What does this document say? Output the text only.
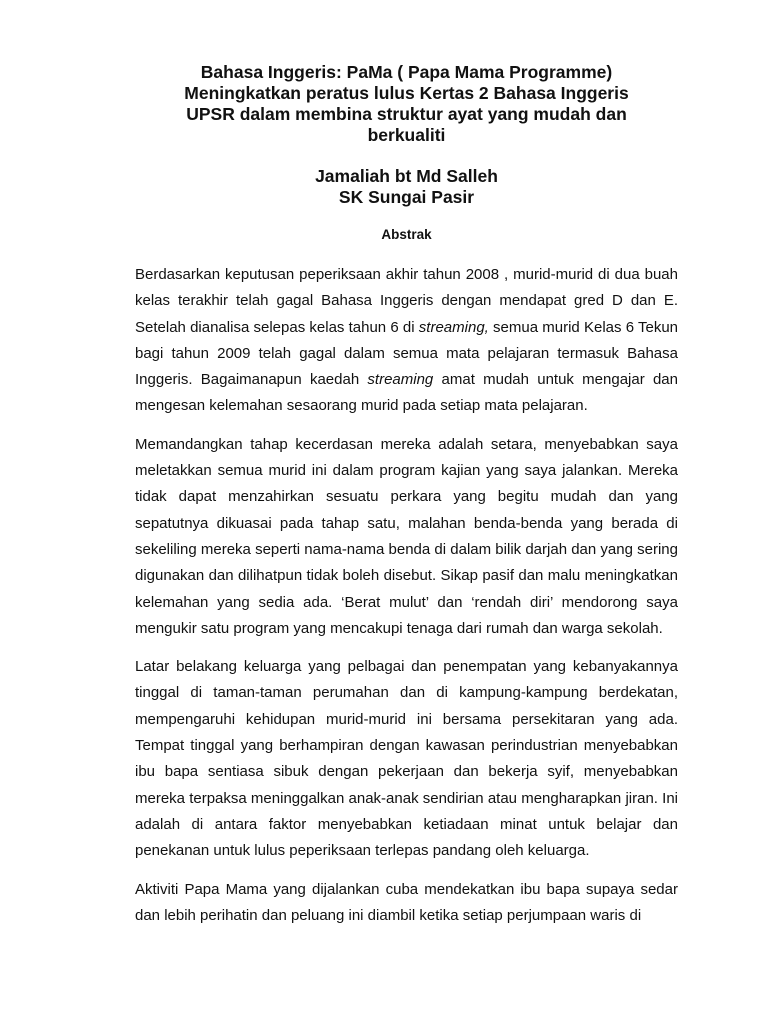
Bahasa Inggeris: PaMa ( Papa Mama Programme)
Meningkatkan peratus lulus Kertas 2 Bahasa Inggeris
UPSR dalam membina struktur ayat yang mudah dan
berkualiti
Jamaliah bt Md Salleh
SK Sungai Pasir
Abstrak

Berdasarkan keputusan peperiksaan akhir tahun 2008 , murid-murid di dua buah kelas terakhir telah gagal Bahasa Inggeris dengan mendapat gred D dan E. Setelah dianalisa selepas kelas tahun 6 di streaming, semua murid Kelas 6 Tekun bagi tahun 2009 telah gagal dalam semua mata pelajaran termasuk Bahasa Inggeris. Bagaimanapun kaedah streaming amat mudah untuk mengajar dan mengesan kelemahan sesaorang murid pada setiap mata pelajaran.

Memandangkan tahap kecerdasan mereka adalah setara, menyebabkan saya meletakkan semua murid ini dalam program kajian yang saya jalankan. Mereka tidak dapat menzahirkan sesuatu perkara yang begitu mudah dan yang sepatutnya dikuasai pada tahap satu, malahan benda-benda yang berada di sekeliling mereka seperti nama-nama benda di dalam bilik darjah dan yang sering digunakan dan dilihatpun tidak boleh disebut. Sikap pasif dan malu meningkatkan kelemahan yang sedia ada. ‘Berat mulut’ dan ‘rendah diri’ mendorong saya mengukir satu program yang mencakupi tenaga dari rumah dan warga sekolah.

Latar belakang keluarga yang pelbagai dan penempatan yang kebanyakannya tinggal di taman-taman perumahan dan di kampung-kampung berdekatan, mempengaruhi kehidupan murid-murid ini bersama persekitaran yang ada. Tempat tinggal yang berhampiran dengan kawasan perindustrian menyebabkan ibu bapa sentiasa sibuk dengan pekerjaan dan bekerja syif, menyebabkan mereka terpaksa meninggalkan anak-anak sendirian atau mengharapkan jiran. Ini adalah di antara faktor menyebabkan ketiadaan minat untuk belajar dan penekanan untuk lulus peperiksaan terlepas pandang oleh keluarga.

Aktiviti Papa Mama yang dijalankan cuba mendekatkan ibu bapa supaya sedar dan lebih perihatin dan peluang ini diambil ketika setiap perjumpaan waris di
